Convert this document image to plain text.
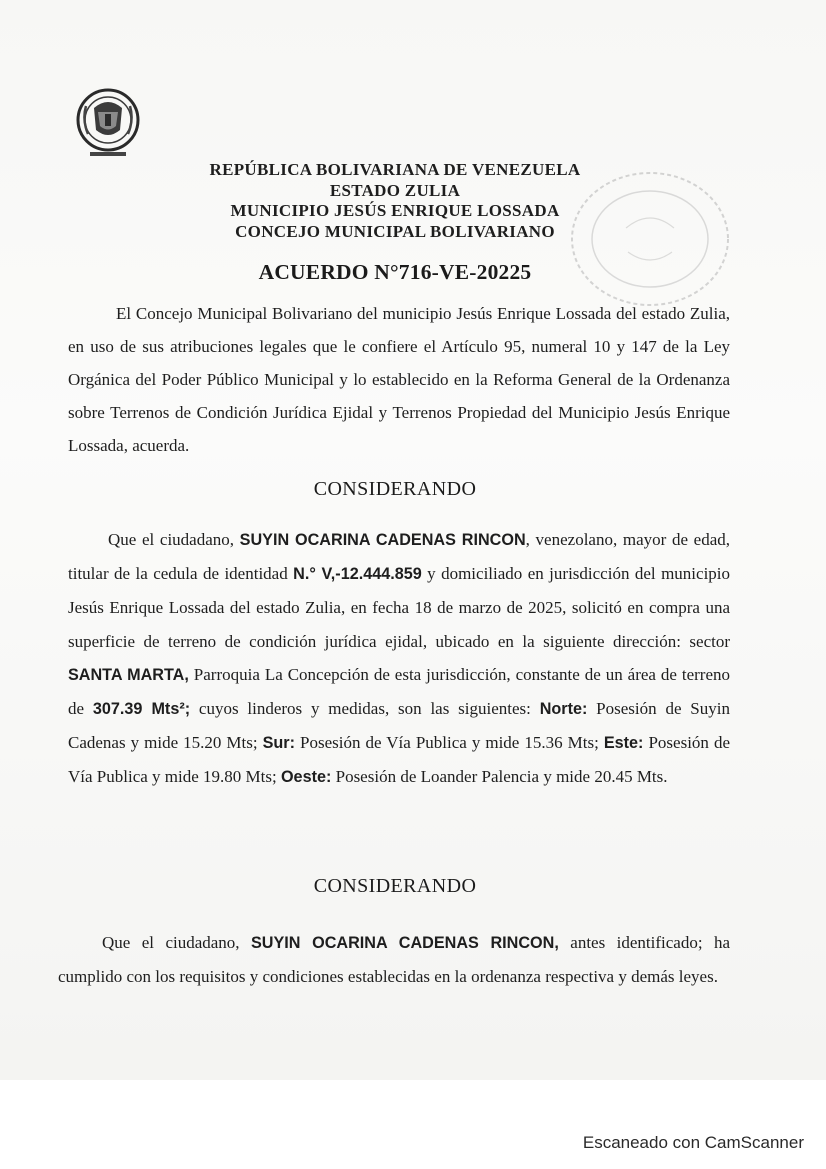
REPÚBLICA BOLIVARIANA DE VENEZUELA
ESTADO ZULIA
MUNICIPIO JESÚS ENRIQUE LOSSADA
CONCEJO MUNICIPAL BOLIVARIANO
ACUERDO N°716-VE-20225
El Concejo Municipal Bolivariano del municipio Jesús Enrique Lossada del estado Zulia, en uso de sus atribuciones legales que le confiere el Artículo 95, numeral 10 y 147 de la Ley Orgánica del Poder Público Municipal y lo establecido en la Reforma General de la Ordenanza sobre Terrenos de Condición Jurídica Ejidal y Terrenos Propiedad del Municipio Jesús Enrique Lossada, acuerda.
CONSIDERANDO
Que el ciudadano, SUYIN OCARINA CADENAS RINCON, venezolano, mayor de edad, titular de la cedula de identidad N.° V,-12.444.859 y domiciliado en jurisdicción del municipio Jesús Enrique Lossada del estado Zulia, en fecha 18 de marzo de 2025, solicitó en compra una superficie de terreno de condición jurídica ejidal, ubicado en la siguiente dirección: sector SANTA MARTA, Parroquia La Concepción de esta jurisdicción, constante de un área de terreno de 307.39 Mts²; cuyos linderos y medidas, son las siguientes: Norte: Posesión de Suyin Cadenas y mide 15.20 Mts; Sur: Posesión de Vía Publica y mide 15.36 Mts; Este: Posesión de Vía Publica y mide 19.80 Mts; Oeste: Posesión de Loander Palencia y mide 20.45 Mts.
CONSIDERANDO
Que el ciudadano, SUYIN OCARINA CADENAS RINCON, antes identificado; ha cumplido con los requisitos y condiciones establecidas en la ordenanza respectiva y demás leyes.
Escaneado con CamScanner
